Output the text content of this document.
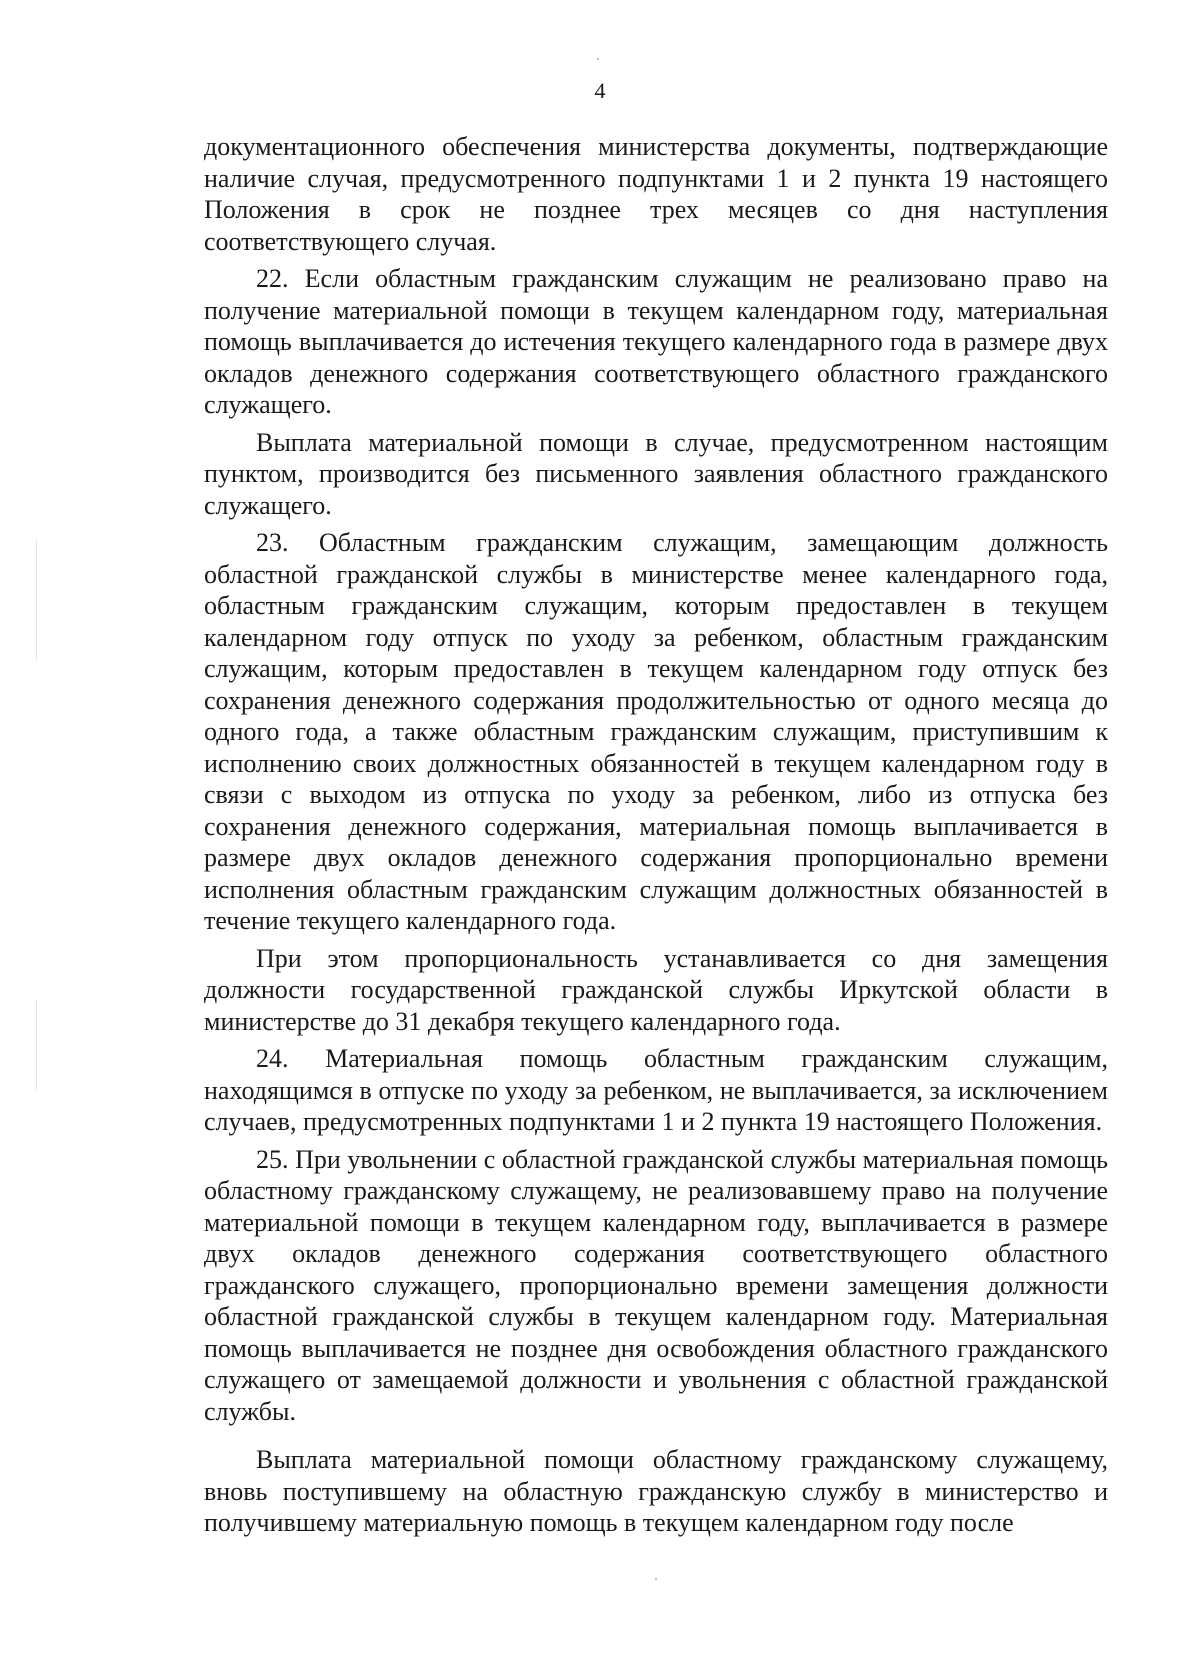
4

документационного обеспечения министерства документы, подтверждающие наличие случая, предусмотренного подпунктами 1 и 2 пункта 19 настоящего Положения в срок не позднее трех месяцев со дня наступления соответствующего случая.

22. Если областным гражданским служащим не реализовано право на получение материальной помощи в текущем календарном году, материальная помощь выплачивается до истечения текущего календарного года в размере двух окладов денежного содержания соответствующего областного гражданского служащего.

Выплата материальной помощи в случае, предусмотренном настоящим пунктом, производится без письменного заявления областного гражданского служащего.

23. Областным гражданским служащим, замещающим должность областной гражданской службы в министерстве менее календарного года, областным гражданским служащим, которым предоставлен в текущем календарном году отпуск по уходу за ребенком, областным гражданским служащим, которым предоставлен в текущем календарном году отпуск без сохранения денежного содержания продолжительностью от одного месяца до одного года, а также областным гражданским служащим, приступившим к исполнению своих должностных обязанностей в текущем календарном году в связи с выходом из отпуска по уходу за ребенком, либо из отпуска без сохранения денежного содержания, материальная помощь выплачивается в размере двух окладов денежного содержания пропорционально времени исполнения областным гражданским служащим должностных обязанностей в течение текущего календарного года.

При этом пропорциональность устанавливается со дня замещения должности государственной гражданской службы Иркутской области в министерстве до 31 декабря текущего календарного года.

24. Материальная помощь областным гражданским служащим, находящимся в отпуске по уходу за ребенком, не выплачивается, за исключением случаев, предусмотренных подпунктами 1 и 2 пункта 19 настоящего Положения.

25. При увольнении с областной гражданской службы материальная помощь областному гражданскому служащему, не реализовавшему право на получение материальной помощи в текущем календарном году, выплачивается в размере двух окладов денежного содержания соответствующего областного гражданского служащего, пропорционально времени замещения должности областной гражданской службы в текущем календарном году. Материальная помощь выплачивается не позднее дня освобождения областного гражданского служащего от замещаемой должности и увольнения с областной гражданской службы.

Выплата материальной помощи областному гражданскому служащему, вновь поступившему на областную гражданскую службу в министерство и получившему материальную помощь в текущем календарном году после
